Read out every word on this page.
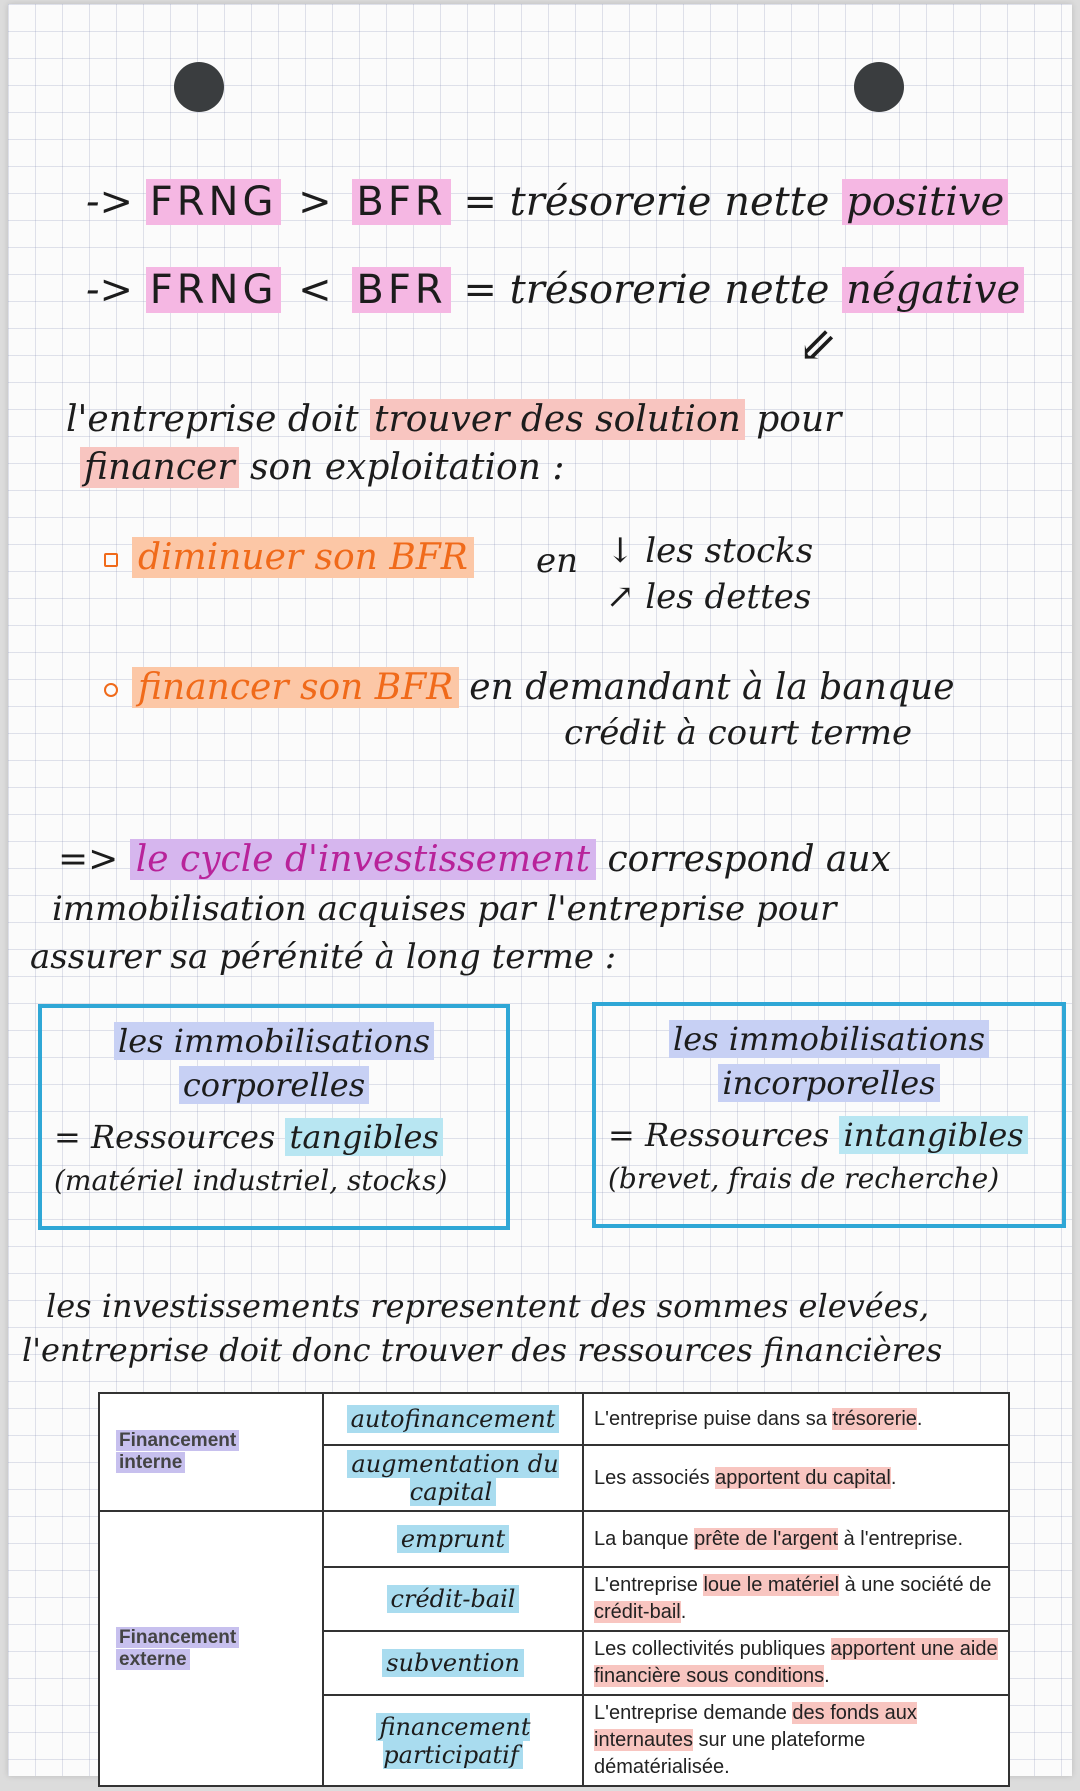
-> FRNG > BFR = trésorerie nette positive
-> FRNG < BFR = trésorerie nette négative
⇙
l'entreprise doit trouver des solution pour
financer son exploitation :
diminuer son BFR en ↓ les stocks
↗ les dettes
financer son BFR en demandant à la banque
crédit à court terme
=> le cycle d'investissement correspond aux
immobilisation acquises par l'entreprise pour
assurer sa pérénité à long terme :
les immobilisations
corporelles
= Ressources tangibles
(matériel industriel, stocks)
les immobilisations
incorporelles
= Ressources intangibles
(brevet, frais de recherche)
les investissements representent des sommes elevées,
l'entreprise doit donc trouver des ressources financières
Financement
interne	autofinancement	L'entreprise puise dans sa trésorerie.
	augmentation du capital	Les associés apportent du capital.
Financement
externe	emprunt	La banque prête de l'argent à l'entreprise.
	crédit-bail	L'entreprise loue le matériel à une société de crédit-bail.
	subvention	Les collectivités publiques apportent une aide financière sous conditions.
	financement participatif	L'entreprise demande des fonds aux internautes sur une plateforme dématérialisée.
